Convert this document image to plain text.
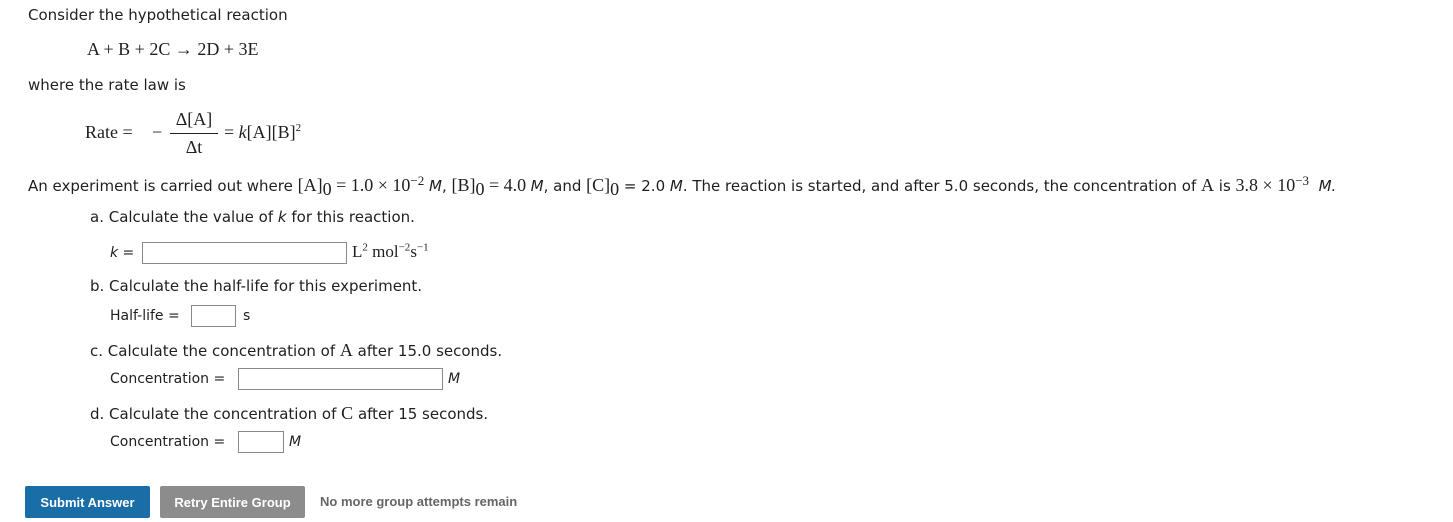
Consider the hypothetical reaction
A + B + 2C → 2D + 3E
where the rate law is
Rate = −
Δ[A]
Δt
= $k[A][B]^2$
An experiment is carried out where $[A]_0 = 1.0 \times 10^{-2}$ M, $[B]_0 = 4.0$ M, and $[C]_0 = 2.0$ M. The reaction is started, and after 5.0 seconds, the concentration of A is $3.8 \times 10^{-3}$ M.
a. Calculate the value of k for this reaction.
k =	$L^2$ $mol^{-2}s^{-1}$
b. Calculate the half-life for this experiment.
Half-life =	s
c. Calculate the concentration of A after 15.0 seconds.
Concentration =	M
d. Calculate the concentration of C after 15 seconds.
Concentration =	M
Submit Answer	Retry Entire Group	No more group attempts remain
